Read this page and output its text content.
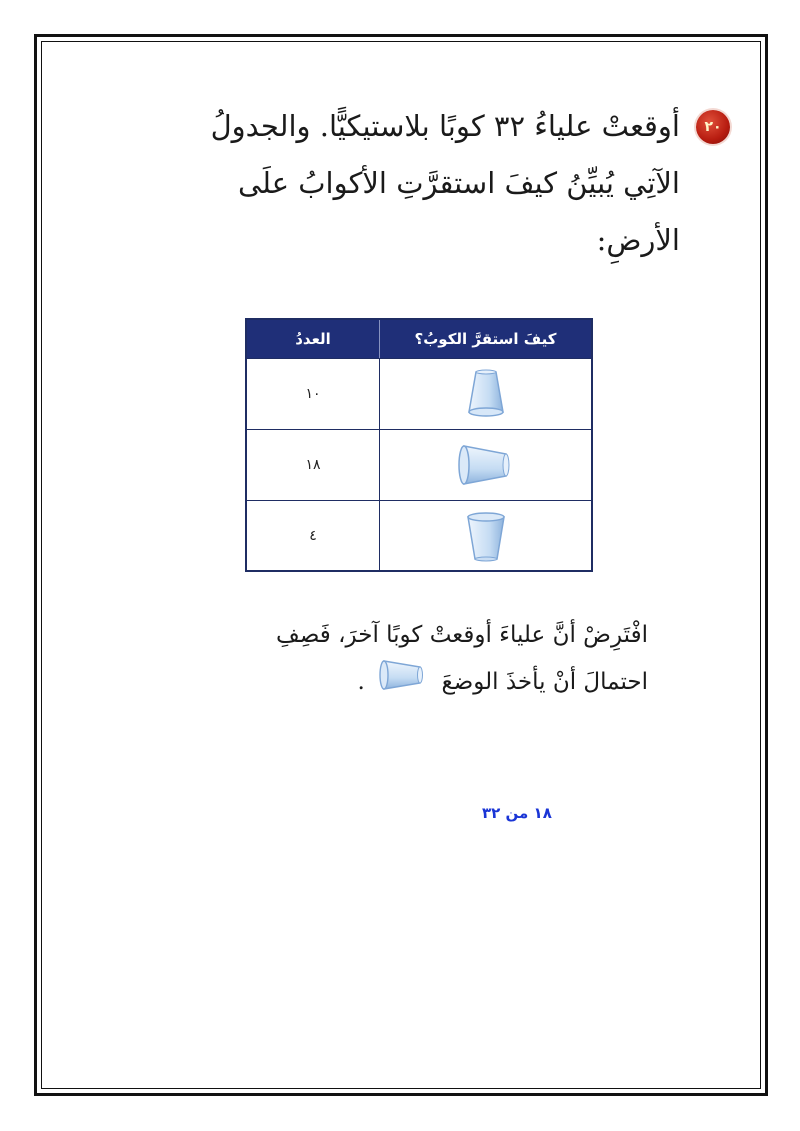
٢٠
أوقعتْ علياءُ ٣٢ كوبًا بلاستيكيًّا. والجدولُ
الآتِي يُبيِّنُ كيفَ استقرَّتِ الأكوابُ علَى
الأرضِ:
كيفَ استقرَّ الكوبُ؟
العددُ
١٠
١٨
٤
افْتَرِضْ أنَّ علياءَ أوقعتْ كوبًا آخرَ، فَصِفِ
احتمالَ أنْ يأخذَ الوضعَ  .
١٨ من ٣٢
